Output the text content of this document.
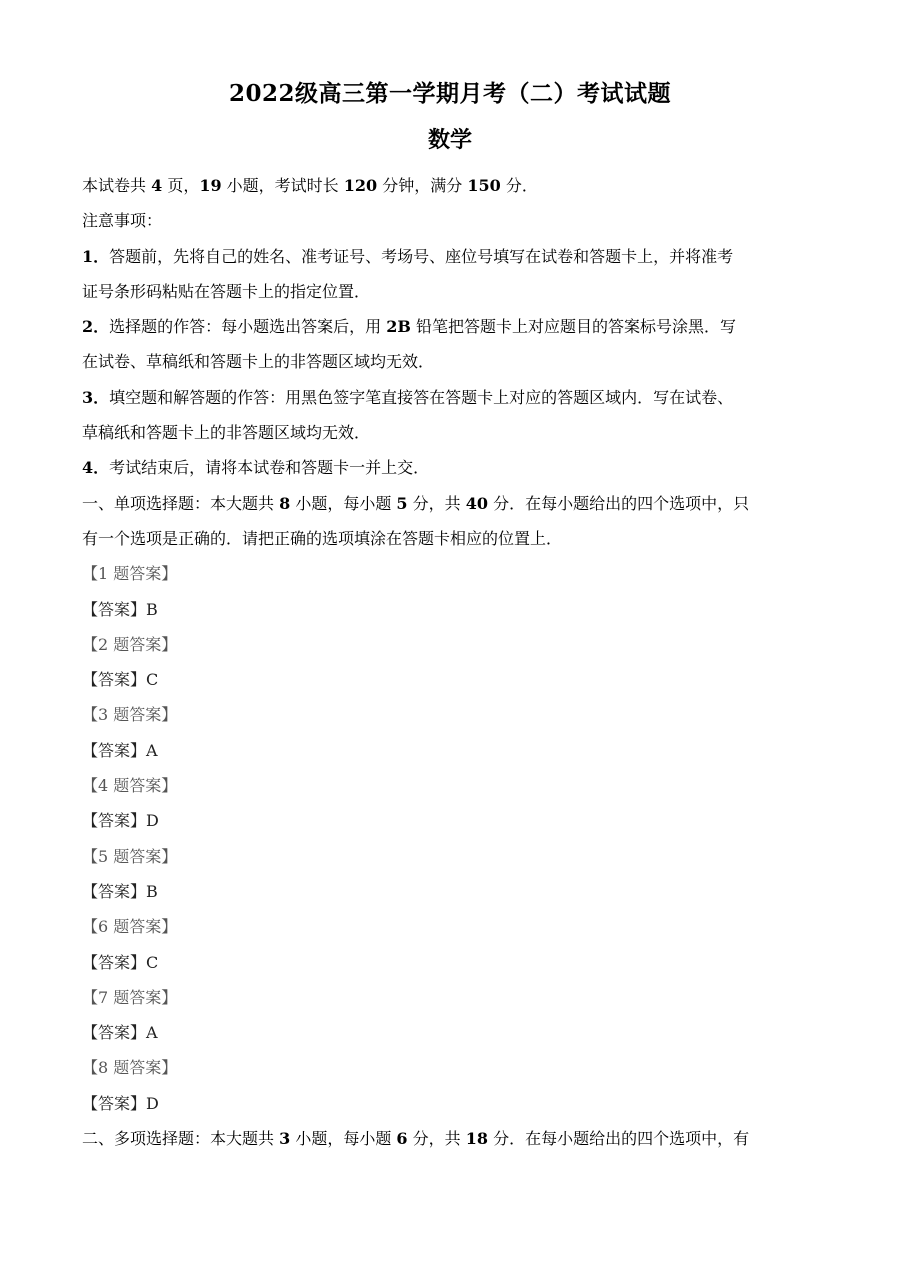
2022级高三第一学期月考（二）考试试题
数学
本试卷共 4 页，19 小题，考试时长 120 分钟，满分 150 分．
注意事项：
1．答题前，先将自己的姓名、准考证号、考场号、座位号填写在试卷和答题卡上，并将准考
证号条形码粘贴在答题卡上的指定位置．
2．选择题的作答：每小题选出答案后，用 2B 铅笔把答题卡上对应题目的答案标号涂黑．写
在试卷、草稿纸和答题卡上的非答题区域均无效．
3．填空题和解答题的作答：用黑色签字笔直接答在答题卡上对应的答题区域内．写在试卷、
草稿纸和答题卡上的非答题区域均无效．
4．考试结束后，请将本试卷和答题卡一并上交．
一、单项选择题：本大题共 8 小题，每小题 5 分，共 40 分．在每小题给出的四个选项中，只
有一个选项是正确的．请把正确的选项填涂在答题卡相应的位置上．
【1 题答案】
【答案】B
【2 题答案】
【答案】C
【3 题答案】
【答案】A
【4 题答案】
【答案】D
【5 题答案】
【答案】B
【6 题答案】
【答案】C
【7 题答案】
【答案】A
【8 题答案】
【答案】D
二、多项选择题：本大题共 3 小题，每小题 6 分，共 18 分．在每小题给出的四个选项中，有
